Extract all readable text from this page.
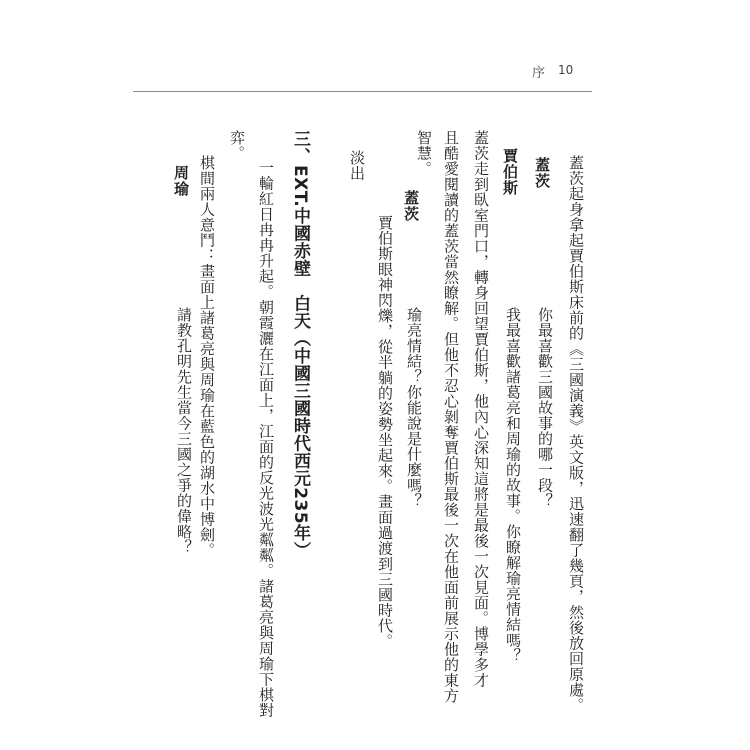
序 10
蓋茨起身拿起賈伯斯床前的《三國演義》英文版，迅速翻了幾頁，然後放回原處。
蓋茨
你最喜歡三國故事的哪一段？
賈伯斯
我最喜歡諸葛亮和周瑜的故事。你瞭解瑜亮情結嗎？
蓋茨走到臥室門口，轉身回望賈伯斯，他內心深知這將是最後一次見面。博學多才
且酷愛閱讀的蓋茨當然瞭解。但他不忍心剝奪賈伯斯最後一次在他面前展示他的東方
智慧。
蓋茨
瑜亮情結？你能說是什麼嗎？
賈伯斯眼神閃爍，從半躺的姿勢坐起來。畫面過渡到三國時代。
淡出
三、EXT.中國赤壁　白天（中國三國時代西元235年）
一輪紅日冉冉升起。朝霞灑在江面上，江面的反光波光粼粼。諸葛亮與周瑜下棋對
弈。
棋間兩人意鬥：畫面上諸葛亮與周瑜在藍色的湖水中博劍。
周瑜
請教孔明先生當今三國之爭的偉略？
